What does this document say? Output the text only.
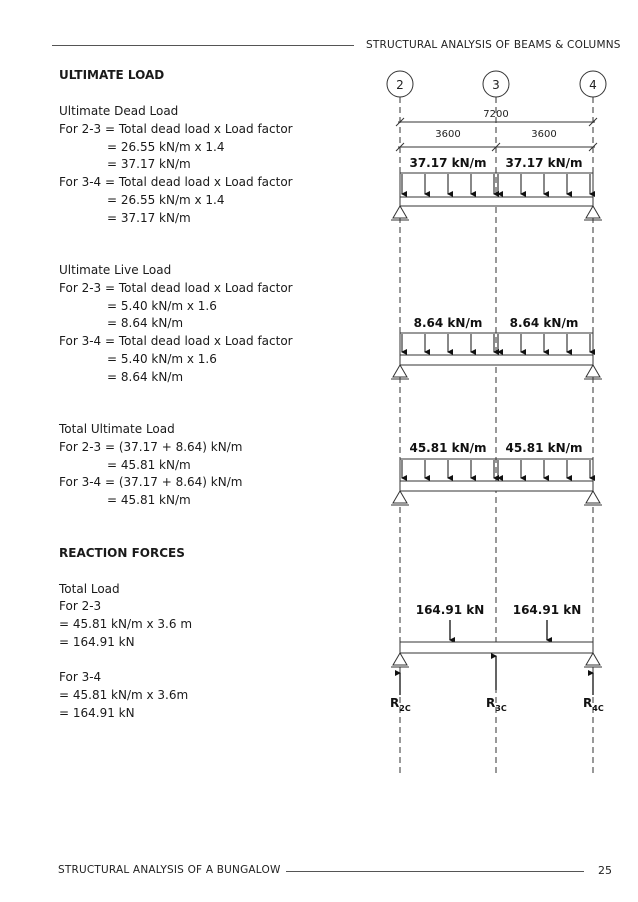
STRUCTURAL ANALYSIS OF BEAMS & COLUMNS
ULTIMATE LOAD
Ultimate Dead Load
For 2-3 = Total dead load x Load factor
= 26.55 kN/m x 1.4
= 37.17 kN/m
For 3-4 = Total dead load x Load factor
= 26.55 kN/m x 1.4
= 37.17 kN/m
Ultimate Live Load
For 2-3 = Total dead load x Load factor
= 5.40 kN/m x 1.6
= 8.64 kN/m
For 3-4 = Total dead load x Load factor
= 5.40 kN/m x 1.6
= 8.64 kN/m
Total Ultimate Load
For 2-3 = (37.17 + 8.64) kN/m
= 45.81 kN/m
For 3-4 = (37.17 + 8.64) kN/m
= 45.81 kN/m
REACTION FORCES
Total Load
For 2-3
= 45.81 kN/m x 3.6 m
= 164.91 kN
For 3-4
= 45.81 kN/m x 3.6m
= 164.91 kN
2	3	4
7200
3600	3600
37.17 kN/m 37.17 kN/m
8.64 kN/m 8.64 kN/m
45.81 kN/m 45.81 kN/m
164.91 kN 164.91 kN
$R_{2C}$	$R_{3C}$	$R_{4C}$
STRUCTURAL ANALYSIS OF A BUNGALOW	25
